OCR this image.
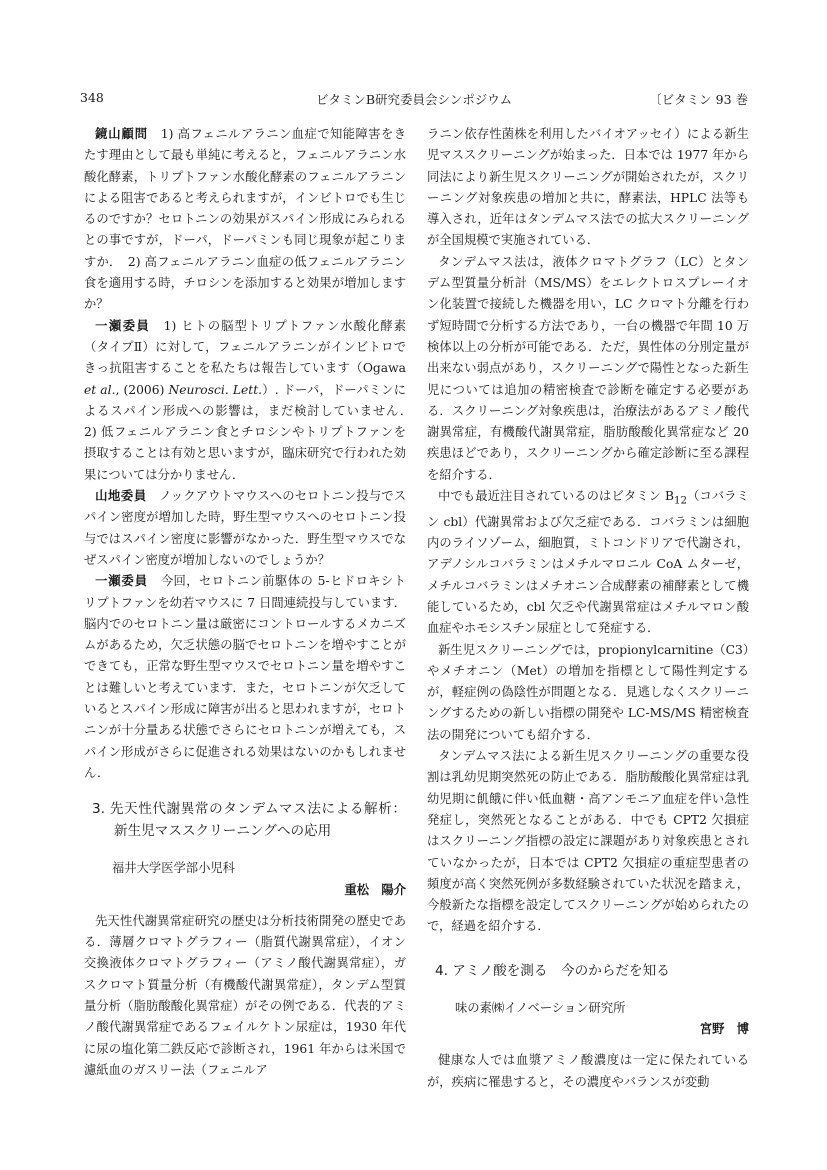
348	ビタミンB研究委員会シンポジウム	〔ビタミン 93 巻

鏡山顧問　 1) 高フェニルアラニン血症で知能障害をきたす理由として最も単純に考えると，フェニルアラニン水酸化酵素，トリプトファン水酸化酵素のフェニルアラニンによる阻害であると考えられますが，インビトロでも生じるのですか？セロトニンの効果がスパイン形成にみられるとの事ですが，ドーパ，ドーパミンも同じ現象が起こりますか．　2) 高フェニルアラニン血症の低フェニルアラニン食を適用する時，チロシンを添加すると効果が増加しますか？

一瀬委員　 1) ヒトの脳型トリプトファン水酸化酵素（タイプⅡ）に対して，フェニルアラニンがインビトロできっ抗阻害することを私たちは報告しています（Ogawa et al., (2006) Neurosci. Lett.）. ドーパ，ドーパミンによるスパイン形成への影響は，まだ検討していません．　2) 低フェニルアラニン食とチロシンやトリプトファンを摂取することは有効と思いますが，臨床研究で行われた効果については分かりません．

山地委員　 ノックアウトマウスへのセロトニン投与でスパイン密度が増加した時，野生型マウスへのセロトニン投与ではスパイン密度に影響がなかった．野生型マウスでなぜスパイン密度が増加しないのでしょうか？

一瀬委員　 今回，セロトニン前駆体の 5-ヒドロキシトリプトファンを幼若マウスに 7 日間連続投与しています．脳内でのセロトニン量は厳密にコントロールするメカニズムがあるため，欠乏状態の脳でセロトニンを増やすことができても，正常な野生型マウスでセロトニン量を増やすことは難しいと考えています．また，セロトニンが欠乏しているとスパイン形成に障害が出ると思われますが，セロトニンが十分量ある状態でさらにセロトニンが増えても，スパイン形成がさらに促進される効果はないのかもしれません．

3. 先天性代謝異常のタンデムマス法による解析：新生児マススクリーニングへの応用
福井大学医学部小児科
重松　陽介

先天性代謝異常症研究の歴史は分析技術開発の歴史である．薄層クロマトグラフィー（脂質代謝異常症），イオン交換液体クロマトグラフィー（アミノ酸代謝異常症），ガスクロマト質量分析（有機酸代謝異常症），タンデム型質量分析（脂肪酸酸化異常症）がその例である．代表的アミノ酸代謝異常症であるフェイルケトン尿症は，1930 年代に尿の塩化第二鉄反応で診断され，1961 年からは米国で濾紙血のガスリー法（フェニルア

ラニン依存性菌株を利用したバイオアッセイ）による新生児マススクリーニングが始まった．日本では 1977 年から同法により新生児スクリーニングが開始されたが，スクリーニング対象疾患の増加と共に，酵素法，HPLC 法等も導入され，近年はタンデムマス法での拡大スクリーニングが全国規模で実施されている．

タンデムマス法は，液体クロマトグラフ（LC）とタンデム型質量分析計（MS/MS）をエレクトロスプレーイオン化装置で接続した機器を用い，LC クロマト分離を行わず短時間で分析する方法であり，一台の機器で年間 10 万検体以上の分析が可能である．ただ，異性体の分別定量が出来ない弱点があり，スクリーニングで陽性となった新生児については追加の精密検査で診断を確定する必要がある．スクリーニング対象疾患は，治療法があるアミノ酸代謝異常症，有機酸代謝異常症，脂肪酸酸化異常症など 20 疾患ほどであり，スクリーニングから確定診断に至る課程を紹介する．

中でも最近注目されているのはビタミン $B_{12}$（コバラミン cbl）代謝異常および欠乏症である．コバラミンは細胞内のライソゾーム，細胞質，ミトコンドリアで代謝され，アデノシルコバラミンはメチルマロニル CoA ムターゼ，メチルコバラミンはメチオニン合成酵素の補酵素として機能しているため，cbl 欠乏や代謝異常症はメチルマロン酸血症やホモシスチン尿症として発症する．

新生児スクリーニングでは，propionylcarnitine（C3）やメチオニン（Met）の増加を指標として陽性判定するが，軽症例の偽陰性が問題となる．見逃しなくスクリーニングするための新しい指標の開発や LC-MS/MS 精密検査法の開発についても紹介する．

タンデムマス法による新生児スクリーニングの重要な役割は乳幼児期突然死の防止である．脂肪酸酸化異常症は乳幼児期に飢餓に伴い低血糖・高アンモニア血症を伴い急性発症し，突然死となることがある．中でも CPT2 欠損症はスクリーニング指標の設定に課題があり対象疾患とされていなかったが，日本では CPT2 欠損症の重症型患者の頻度が高く突然死例が多数経験されていた状況を踏まえ，今般新たな指標を設定してスクリーニングが始められたので，経過を紹介する．

4. アミノ酸を測る　今のからだを知る
味の素㈱イノベーション研究所
宮野　博

健康な人では血漿アミノ酸濃度は一定に保たれているが，疾病に罹患すると，その濃度やバランスが変動
